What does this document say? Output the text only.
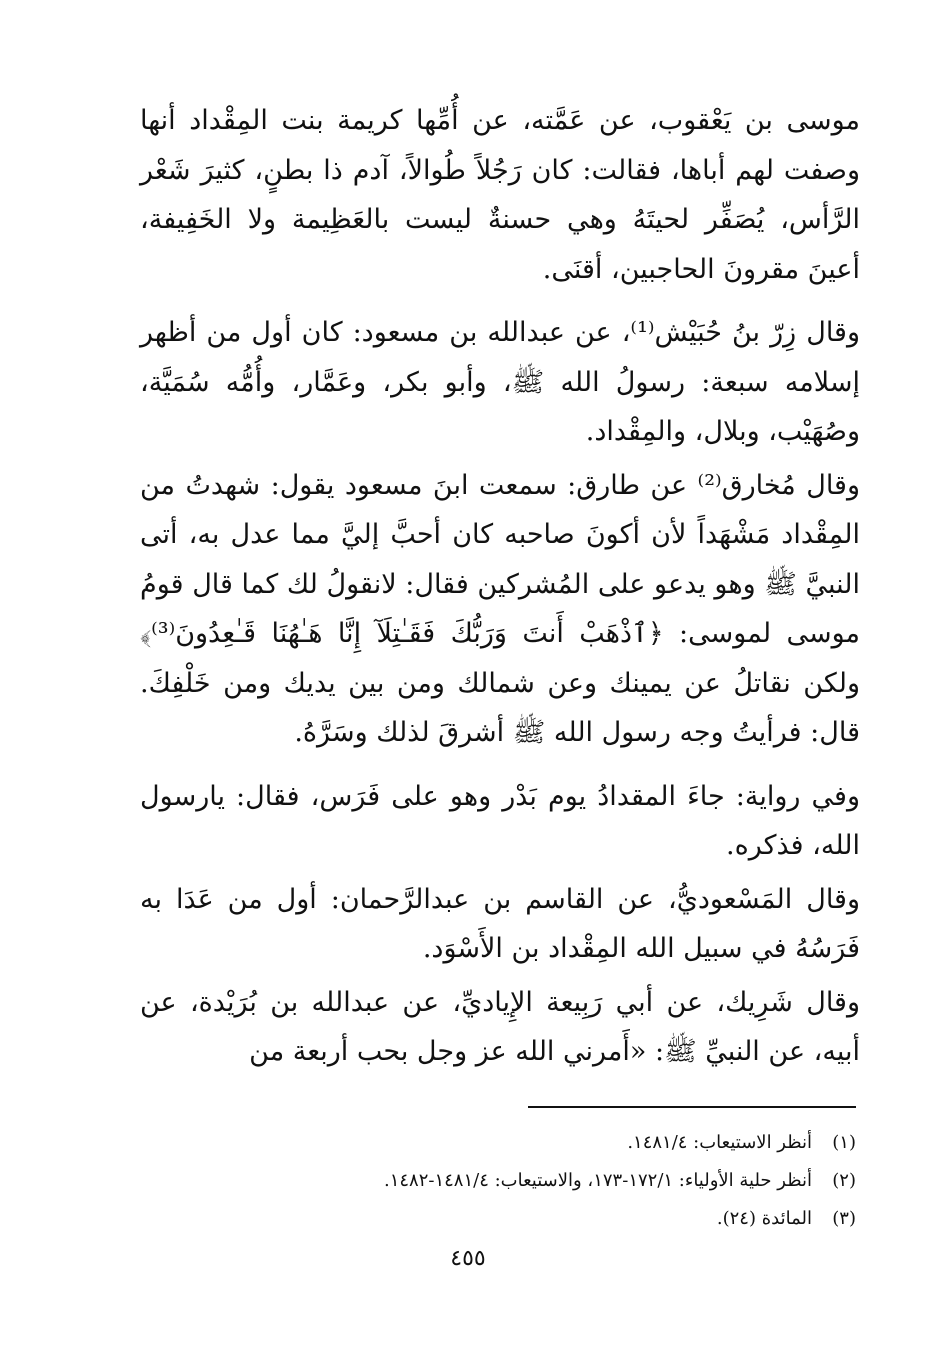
موسى بن يَعْقوب، عن عَمَّته، عن أُمِّها كريمة بنت المِقْداد أنها وصفت لهم أباها، فقالت: كان رَجُلاً طُوالاً، آدم ذا بطنٍ، كثيرَ شَعْر الرَّأس، يُصَفِّر لحيتَهُ وهي حسنةٌ ليست بالعَظِيمة ولا الخَفِيفة، أعينَ مقرونَ الحاجبين، أقنَى.

وقال زِرّ بنُ حُبَيْش⁽¹⁾، عن عبدالله بن مسعود: كان أول من أظهر إسلامه سبعة: رسولُ الله ﷺ، وأبو بكر، وعَمَّار، وأُمُّه سُمَيَّة، وصُهَيْب، وبلال، والمِقْداد.

وقال مُخارق⁽²⁾ عن طارق: سمعت ابنَ مسعود يقول: شهدتُ من المِقْداد مَشْهَداً لأن أكونَ صاحبه كان أحبَّ إليَّ مما عدل به، أتى النبيَّ ﷺ وهو يدعو على المُشركين فقال: لانقولُ لك كما قال قومُ موسى لموسى: ﴿ٱذْهَبْ أَنتَ وَرَبُّكَ فَقَـٰتِلَآ إِنَّا هَـٰهُنَا قَـٰعِدُونَ⁽³⁾﴾ ولكن نقاتلُ عن يمينك وعن شمالك ومن بين يديك ومن خَلْفِكَ. قال: فرأيتُ وجه رسول الله ﷺ أشرقَ لذلك وسَرَّهُ.

وفي رواية: جاءَ المقدادُ يوم بَدْر وهو على فَرَس، فقال: يارسول الله، فذكره.

وقال المَسْعوديُّ، عن القاسم بن عبدالرَّحمان: أول من عَدَا به فَرَسُهُ في سبيل الله المِقْداد بن الأَسْوَد.

وقال شَرِيك، عن أبي رَبِيعة الإِياديِّ، عن عبدالله بن بُرَيْدة، عن أبيه، عن النبيِّ ﷺ: «أَمرني الله عز وجل بحب أربعة من

(١)
أنظر الاستيعاب: ١٤٨١/٤.
(٢)
أنظر حلية الأولياء: ١٧٢/١-١٧٣، والاستيعاب: ١٤٨١/٤-١٤٨٢.
(٣)
المائدة (٢٤).
٤٥٥
